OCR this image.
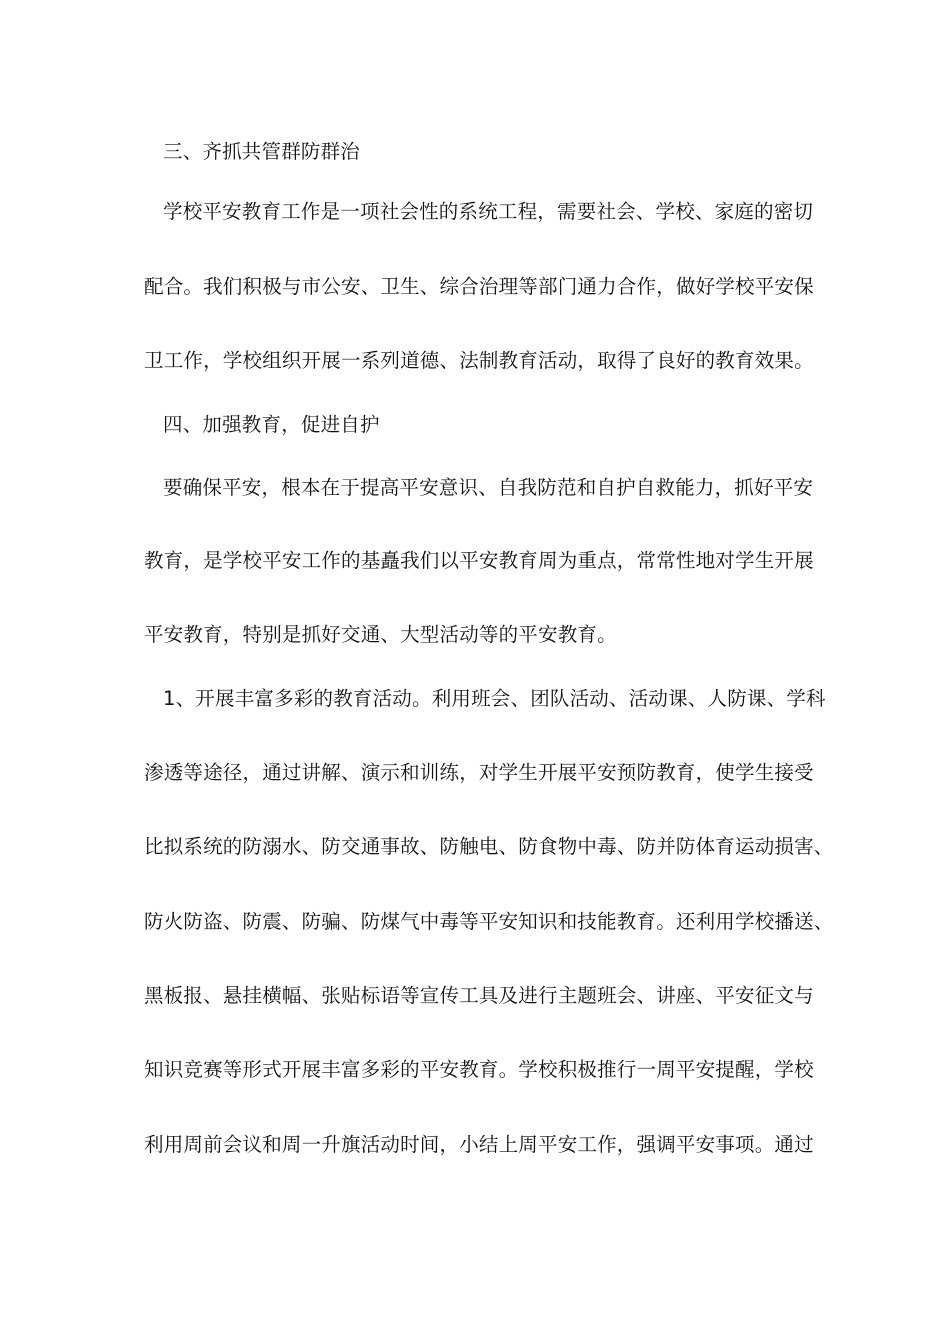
三、齐抓共管群防群治
学校平安教育工作是一项社会性的系统工程，需要社会、学校、家庭的密切
配合。我们积极与市公安、卫生、综合治理等部门通力合作，做好学校平安保
卫工作，学校组织开展一系列道德、法制教育活动，取得了良好的教育效果。
四、加强教育，促进自护
要确保平安，根本在于提高平安意识、自我防范和自护自救能力，抓好平安
教育，是学校平安工作的基矗我们以平安教育周为重点，常常性地对学生开展
平安教育，特别是抓好交通、大型活动等的平安教育。
1、开展丰富多彩的教育活动。利用班会、团队活动、活动课、人防课、学科
渗透等途径，通过讲解、演示和训练，对学生开展平安预防教育，使学生接受
比拟系统的防溺水、防交通事故、防触电、防食物中毒、防并防体育运动损害、
防火防盗、防震、防骗、防煤气中毒等平安知识和技能教育。还利用学校播送、
黑板报、悬挂横幅、张贴标语等宣传工具及进行主题班会、讲座、平安征文与
知识竞赛等形式开展丰富多彩的平安教育。学校积极推行一周平安提醒，学校
利用周前会议和周一升旗活动时间，小结上周平安工作，强调平安事项。通过
